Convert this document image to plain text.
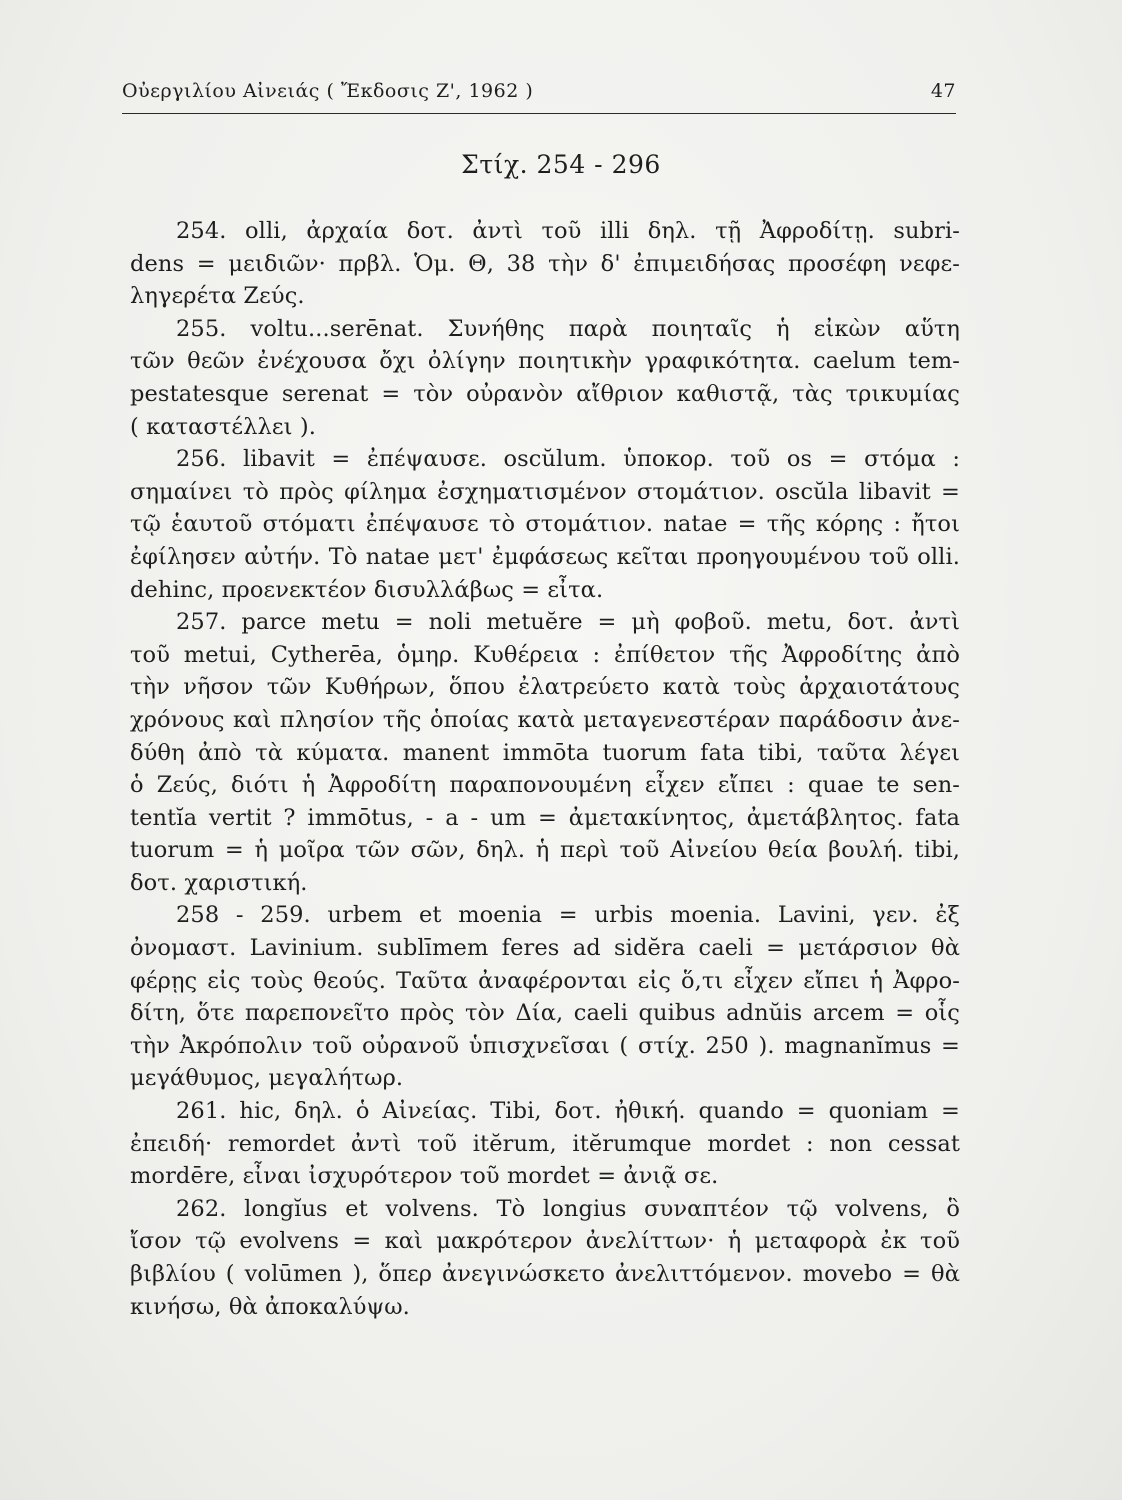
Οὐεργιλίου Αἰνειάς ( Ἔκδοσις Ζ', 1962 )	47
Στίχ. 254 - 296
254. olli, ἀρχαία δοτ. ἀντὶ τοῦ illi δηλ. τῇ Ἀφροδίτῃ. subri-
dens = μειδιῶν· πρβλ. Ὁμ. Θ, 38 τὴν δ' ἐπιμειδήσας προσέφη νεφε-
ληγερέτα Ζεύς.
255. voltu...serēnat. Συνήθης παρὰ ποιηταῖς ἡ εἰκὼν αὕτη
τῶν θεῶν ἐνέχουσα ὄχι ὀλίγην ποιητικὴν γραφικότητα. caelum tem-
pestatesque serenat = τὸν οὐρανὸν αἴθριον καθιστᾷ, τὰς τρικυμίας
( καταστέλλει ).
256. libavit = ἐπέψαυσε. oscŭlum. ὑποκορ. τοῦ os = στόμα :
σημαίνει τὸ πρὸς φίλημα ἐσχηματισμένον στομάτιον. oscŭla libavit =
τῷ ἑαυτοῦ στόματι ἐπέψαυσε τὸ στομάτιον. natae = τῆς κόρης : ἤτοι
ἐφίλησεν αὐτήν. Τὸ natae μετ' ἐμφάσεως κεῖται προηγουμένου τοῦ olli.
dehinc, προενεκτέον δισυλλάβως = εἶτα.
257. parce metu = noli metuĕre = μὴ φοβοῦ. metu, δοτ. ἀντὶ
τοῦ metui, Cytherēa, ὁμηρ. Κυθέρεια : ἐπίθετον τῆς Ἀφροδίτης ἀπὸ
τὴν νῆσον τῶν Κυθήρων, ὅπου ἐλατρεύετο κατὰ τοὺς ἀρχαιοτάτους
χρόνους καὶ πλησίον τῆς ὁποίας κατὰ μεταγενεστέραν παράδοσιν ἀνε-
δύθη ἀπὸ τὰ κύματα. manent immōta tuorum fata tibi, ταῦτα λέγει
ὁ Ζεύς, διότι ἡ Ἀφροδίτη παραπονουμένη εἶχεν εἴπει : quae te sen-
tentĭa vertit ? immōtus, - a - um = ἀμετακίνητος, ἀμετάβλητος. fata
tuorum = ἡ μοῖρα τῶν σῶν, δηλ. ἡ περὶ τοῦ Αἰνείου θεία βουλή. tibi,
δοτ. χαριστική.
258 - 259. urbem et moenia = urbis moenia. Lavini, γεν. ἐξ
ὀνομαστ. Lavinium. sublīmem feres ad sidĕra caeli = μετάρσιον θὰ
φέρῃς εἰς τοὺς θεούς. Ταῦτα ἀναφέρονται εἰς ὅ,τι εἶχεν εἴπει ἡ Ἀφρο-
δίτη, ὅτε παρεπονεῖτο πρὸς τὸν Δία, caeli quibus adnŭis arcem = οἷς
τὴν Ἀκρόπολιν τοῦ οὐρανοῦ ὑπισχνεῖσαι ( στίχ. 250 ). magnanĭmus =
μεγάθυμος, μεγαλήτωρ.
261. hic, δηλ. ὁ Αἰνείας. Tibi, δοτ. ἠθική. quando = quoniam =
ἐπειδή· remordet ἀντὶ τοῦ itĕrum, itĕrumque mordet : non cessat
mordēre, εἶναι ἰσχυρότερον τοῦ mordet = ἀνιᾷ σε.
262. longĭus et volvens. Τὸ longius συναπτέον τῷ volvens, ὃ
ἴσον τῷ evolvens = καὶ μακρότερον ἀνελίττων· ἡ μεταφορὰ ἐκ τοῦ
βιβλίου ( volūmen ), ὅπερ ἀνεγινώσκετο ἀνελιττόμενον. movebo = θὰ
κινήσω, θὰ ἀποκαλύψω.
